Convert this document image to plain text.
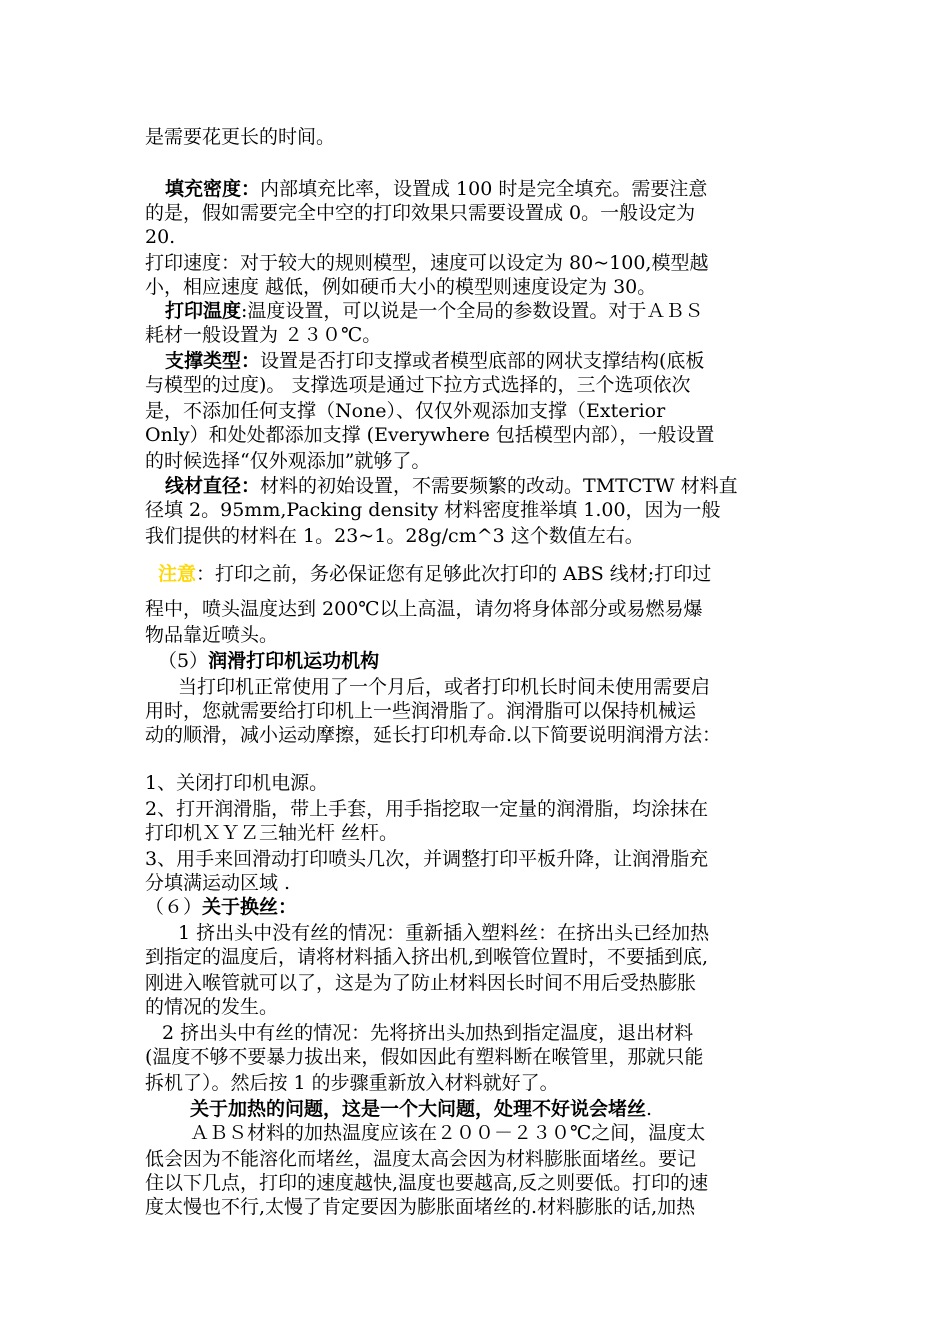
是需要花更长的时间。
填充密度：内部填充比率，设置成 100 时是完全填充。需要注意
的是，假如需要完全中空的打印效果只需要设置成 0。一般设定为
20.
打印速度：对于较大的规则模型，速度可以设定为 80~100,模型越
小，相应速度 越低，例如硬币大小的模型则速度设定为 30。
打印温度:温度设置，可以说是一个全局的参数设置。对于ＡＢＳ
耗材一般设置为 ２３０℃。
支撑类型：设置是否打印支撑或者模型底部的网状支撑结构(底板
与模型的过度)。 支撑选项是通过下拉方式选择的，三个选项依次
是，不添加任何支撑（None）、仅仅外观添加支撑（Exterior
Only）和处处都添加支撑 (Everywhere 包括模型内部），一般设置
的时候选择“仅外观添加”就够了。
线材直径：材料的初始设置，不需要频繁的改动。TMTCTW 材料直
径填 2。95mm,Packing density 材料密度推举填 1.00，因为一般
我们提供的材料在 1。23~1。28g/cm^3 这个数值左右。
注意：打印之前，务必保证您有足够此次打印的 ABS 线材;打印过
程中，喷头温度达到 200℃以上高温，请勿将身体部分或易燃易爆
物品靠近喷头。
（5）润滑打印机运功机构
当打印机正常使用了一个月后，或者打印机长时间未使用需要启
用时，您就需要给打印机上一些润滑脂了。润滑脂可以保持机械运
动的顺滑，减小运动摩擦，延长打印机寿命.以下简要说明润滑方法：
1、关闭打印机电源。
2、打开润滑脂，带上手套，用手指挖取一定量的润滑脂，均涂抹在
打印机ＸＹＺ三轴光杆 丝杆。
3、用手来回滑动打印喷头几次，并调整打印平板升降，让润滑脂充
分填满运动区域 .
（６）关于换丝：
1 挤出头中没有丝的情况：重新插入塑料丝：在挤出头已经加热
到指定的温度后，请将材料插入挤出机,到喉管位置时，不要插到底,
刚进入喉管就可以了，这是为了防止材料因长时间不用后受热膨胀
的情况的发生。
2 挤出头中有丝的情况：先将挤出头加热到指定温度，退出材料
(温度不够不要暴力拔出来，假如因此有塑料断在喉管里，那就只能
拆机了）。然后按 1 的步骤重新放入材料就好了。
关于加热的问题，这是一个大问题，处理不好说会堵丝.
ＡＢＳ材料的加热温度应该在２００－２３０℃之间，温度太
低会因为不能溶化而堵丝，温度太高会因为材料膨胀面堵丝。要记
住以下几点，打印的速度越快,温度也要越高,反之则要低。打印的速
度太慢也不行,太慢了肯定要因为膨胀面堵丝的.材料膨胀的话,加热
